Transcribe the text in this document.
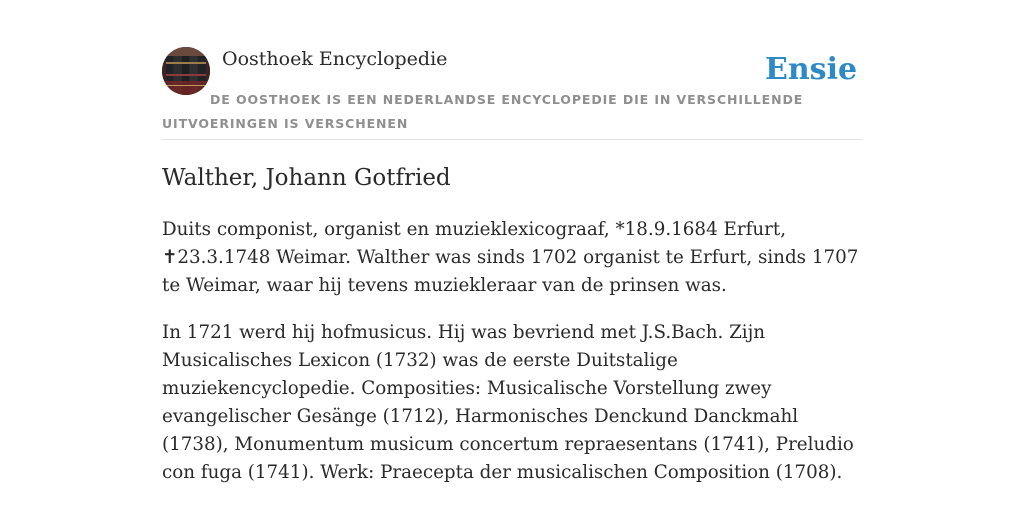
Oosthoek Encyclopedie	Ensie

DE OOSTHOEK IS EEN NEDERLANDSE ENCYCLOPEDIE DIE IN VERSCHILLENDE UITVOERINGEN IS VERSCHENEN

Walther, Johann Gotfried

Duits componist, organist en muzieklexicograaf, *18.9.1684 Erfurt, ✝23.3.1748 Weimar. Walther was sinds 1702 organist te Erfurt, sinds 1707 te Weimar, waar hij tevens muziekleraar van de prinsen was.

In 1721 werd hij hofmusicus. Hij was bevriend met J.S.Bach. Zijn Musicalisches Lexicon (1732) was de eerste Duitstalige muziekencyclopedie. Composities: Musicalische Vorstellung zwey evangelischer Gesänge (1712), Harmonisches Denckund Danckmahl (1738), Monumentum musicum concertum repraesentans (1741), Preludio con fuga (1741). Werk: Praecepta der musicalischen Composition (1708).
